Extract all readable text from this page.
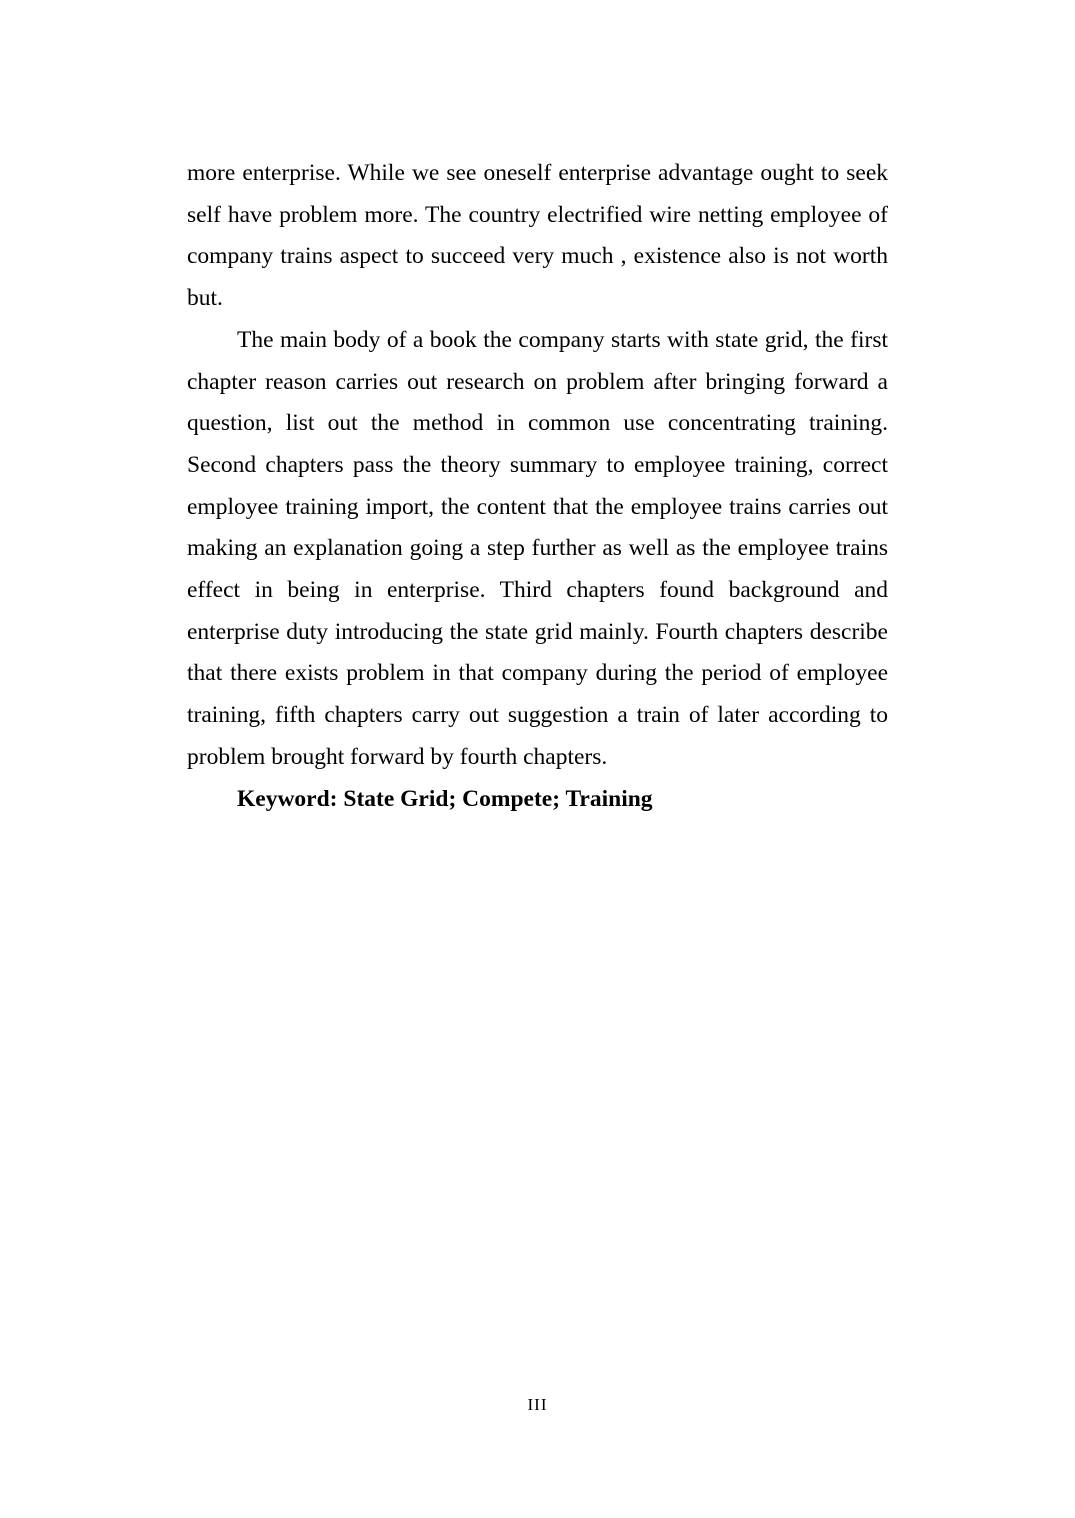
more enterprise. While we see oneself enterprise advantage ought to seek self have problem more. The country electrified wire netting employee of company trains aspect to succeed very much , existence also is not worth but.

The main body of a book the company starts with state grid, the first chapter reason carries out research on problem after bringing forward a question, list out the method in common use concentrating training. Second chapters pass the theory summary to employee training, correct employee training import, the content that the employee trains carries out making an explanation going a step further as well as the employee trains effect in being in enterprise. Third chapters found background and enterprise duty introducing the state grid mainly. Fourth chapters describe that there exists problem in that company during the period of employee training, fifth chapters carry out suggestion a train of later according to problem brought forward by fourth chapters.

Keyword: State Grid; Compete; Training

III
